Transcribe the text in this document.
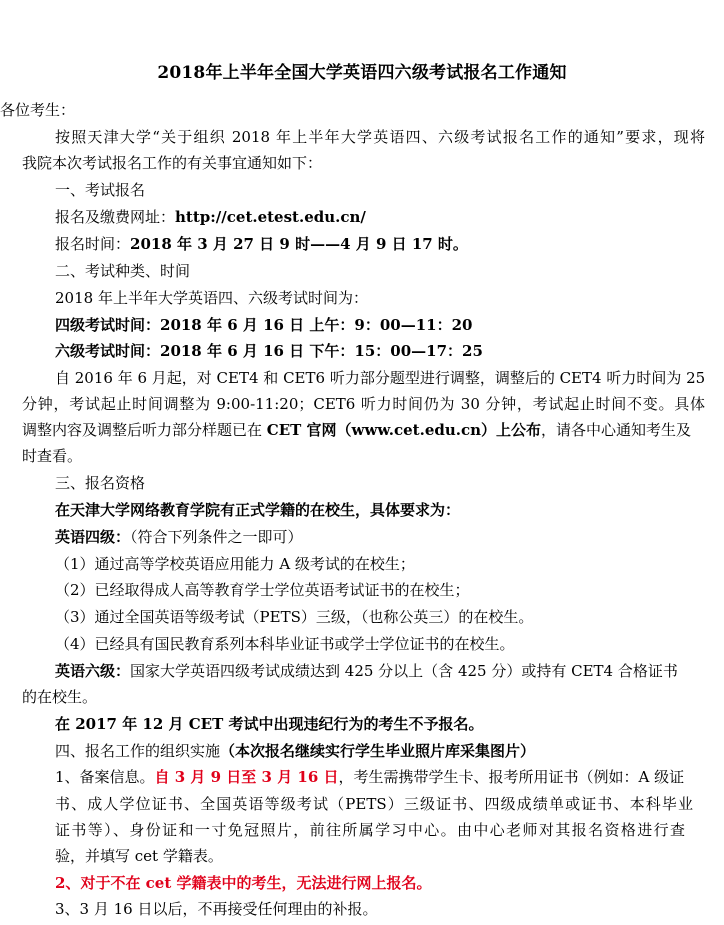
2018年上半年全国大学英语四六级考试报名工作通知
各位考生：
按照天津大学“关于组织 2018 年上半年大学英语四、六级考试报名工作的通知”要求，现将
我院本次考试报名工作的有关事宜通知如下：
一、考试报名
报名及缴费网址：http://cet.etest.edu.cn/
报名时间：2018 年 3 月 27 日 9 时——4 月 9 日 17 时。
二、考试种类、时间
2018 年上半年大学英语四、六级考试时间为：
四级考试时间：2018 年 6 月 16 日 上午：9：00—11：20
六级考试时间：2018 年 6 月 16 日 下午：15：00—17：25
自 2016 年 6 月起，对 CET4 和 CET6 听力部分题型进行调整，调整后的 CET4 听力时间为 25
分钟，考试起止时间调整为 9:00-11:20；CET6 听力时间仍为 30 分钟，考试起止时间不变。具体
调整内容及调整后听力部分样题已在 CET 官网（www.cet.edu.cn）上公布，请各中心通知考生及
时查看。
三、报名资格
在天津大学网络教育学院有正式学籍的在校生，具体要求为：
英语四级：（符合下列条件之一即可）
（1）通过高等学校英语应用能力 A 级考试的在校生；
（2）已经取得成人高等教育学士学位英语考试证书的在校生；
（3）通过全国英语等级考试（PETS）三级，（也称公英三）的在校生。
（4）已经具有国民教育系列本科毕业证书或学士学位证书的在校生。
英语六级：国家大学英语四级考试成绩达到 425 分以上（含 425 分）或持有 CET4 合格证书
的在校生。
在 2017 年 12 月 CET 考试中出现违纪行为的考生不予报名。
四、报名工作的组织实施（本次报名继续实行学生毕业照片库采集图片）
1、备案信息。自 3 月 9 日至 3 月 16 日，考生需携带学生卡、报考所用证书（例如：A 级证
书、成人学位证书、全国英语等级考试（PETS）三级证书、四级成绩单或证书、本科毕业
证书等）、身份证和一寸免冠照片，前往所属学习中心。由中心老师对其报名资格进行查
验，并填写 cet 学籍表。
2、对于不在 cet 学籍表中的考生，无法进行网上报名。
3、3 月 16 日以后，不再接受任何理由的补报。
